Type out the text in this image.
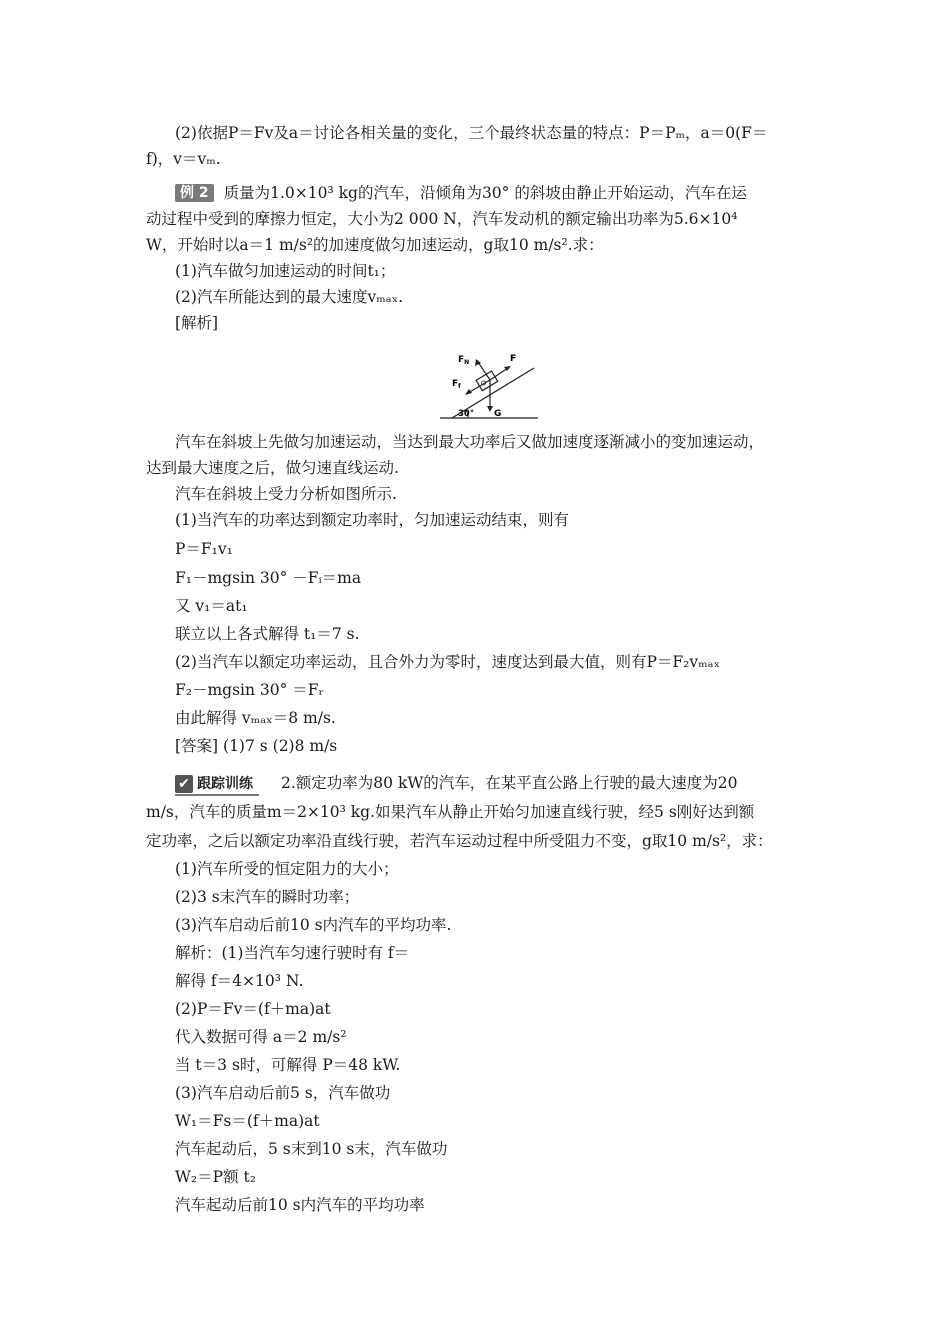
(2)依据P＝Fv及a＝讨论各相关量的变化，三个最终状态量的特点：P＝Pₘ，a＝0(F＝
f)，v＝vₘ.
例 2 质量为1.0×10³ kg的汽车，沿倾角为30° 的斜坡由静止开始运动，汽车在运
动过程中受到的摩擦力恒定，大小为2 000 N，汽车发动机的额定输出功率为5.6×10⁴
W，开始时以a＝1 m/s²的加速度做匀加速运动，g取10 m/s².求：
(1)汽车做匀加速运动的时间t₁；
(2)汽车所能达到的最大速度vₘₐₓ.
[解析]
$F_N$	F
$F_f$
30° G
汽车在斜坡上先做匀加速运动，当达到最大功率后又做加速度逐渐减小的变加速运动，
达到最大速度之后，做匀速直线运动.
汽车在斜坡上受力分析如图所示.
(1)当汽车的功率达到额定功率时，匀加速运动结束，则有
P＝F₁v₁
F₁－mgsin 30° －Fᵢ＝ma
又 v₁＝at₁
联立以上各式解得 t₁＝7 s.
(2)当汽车以额定功率运动，且合外力为零时，速度达到最大值，则有P＝F₂vₘₐₓ
F₂－mgsin 30° ＝Fᵣ
由此解得 vₘₐₓ＝8 m/s.
[答案] (1)7 s (2)8 m/s
✔ 跟踪训练 2.额定功率为80 kW的汽车，在某平直公路上行驶的最大速度为20
m/s，汽车的质量m＝2×10³ kg.如果汽车从静止开始匀加速直线行驶，经5 s刚好达到额
定功率，之后以额定功率沿直线行驶，若汽车运动过程中所受阻力不变，g取10 m/s²，求：
(1)汽车所受的恒定阻力的大小；
(2)3 s末汽车的瞬时功率；
(3)汽车启动后前10 s内汽车的平均功率.
解析：(1)当汽车匀速行驶时有 f＝
解得 f＝4×10³ N.
(2)P＝Fv＝(f＋ma)at
代入数据可得 a＝2 m/s²
当 t＝3 s时，可解得 P＝48 kW.
(3)汽车启动后前5 s，汽车做功
W₁＝Fs＝(f＋ma)at
汽车起动后，5 s末到10 s末，汽车做功
W₂＝P额 t₂
汽车起动后前10 s内汽车的平均功率
